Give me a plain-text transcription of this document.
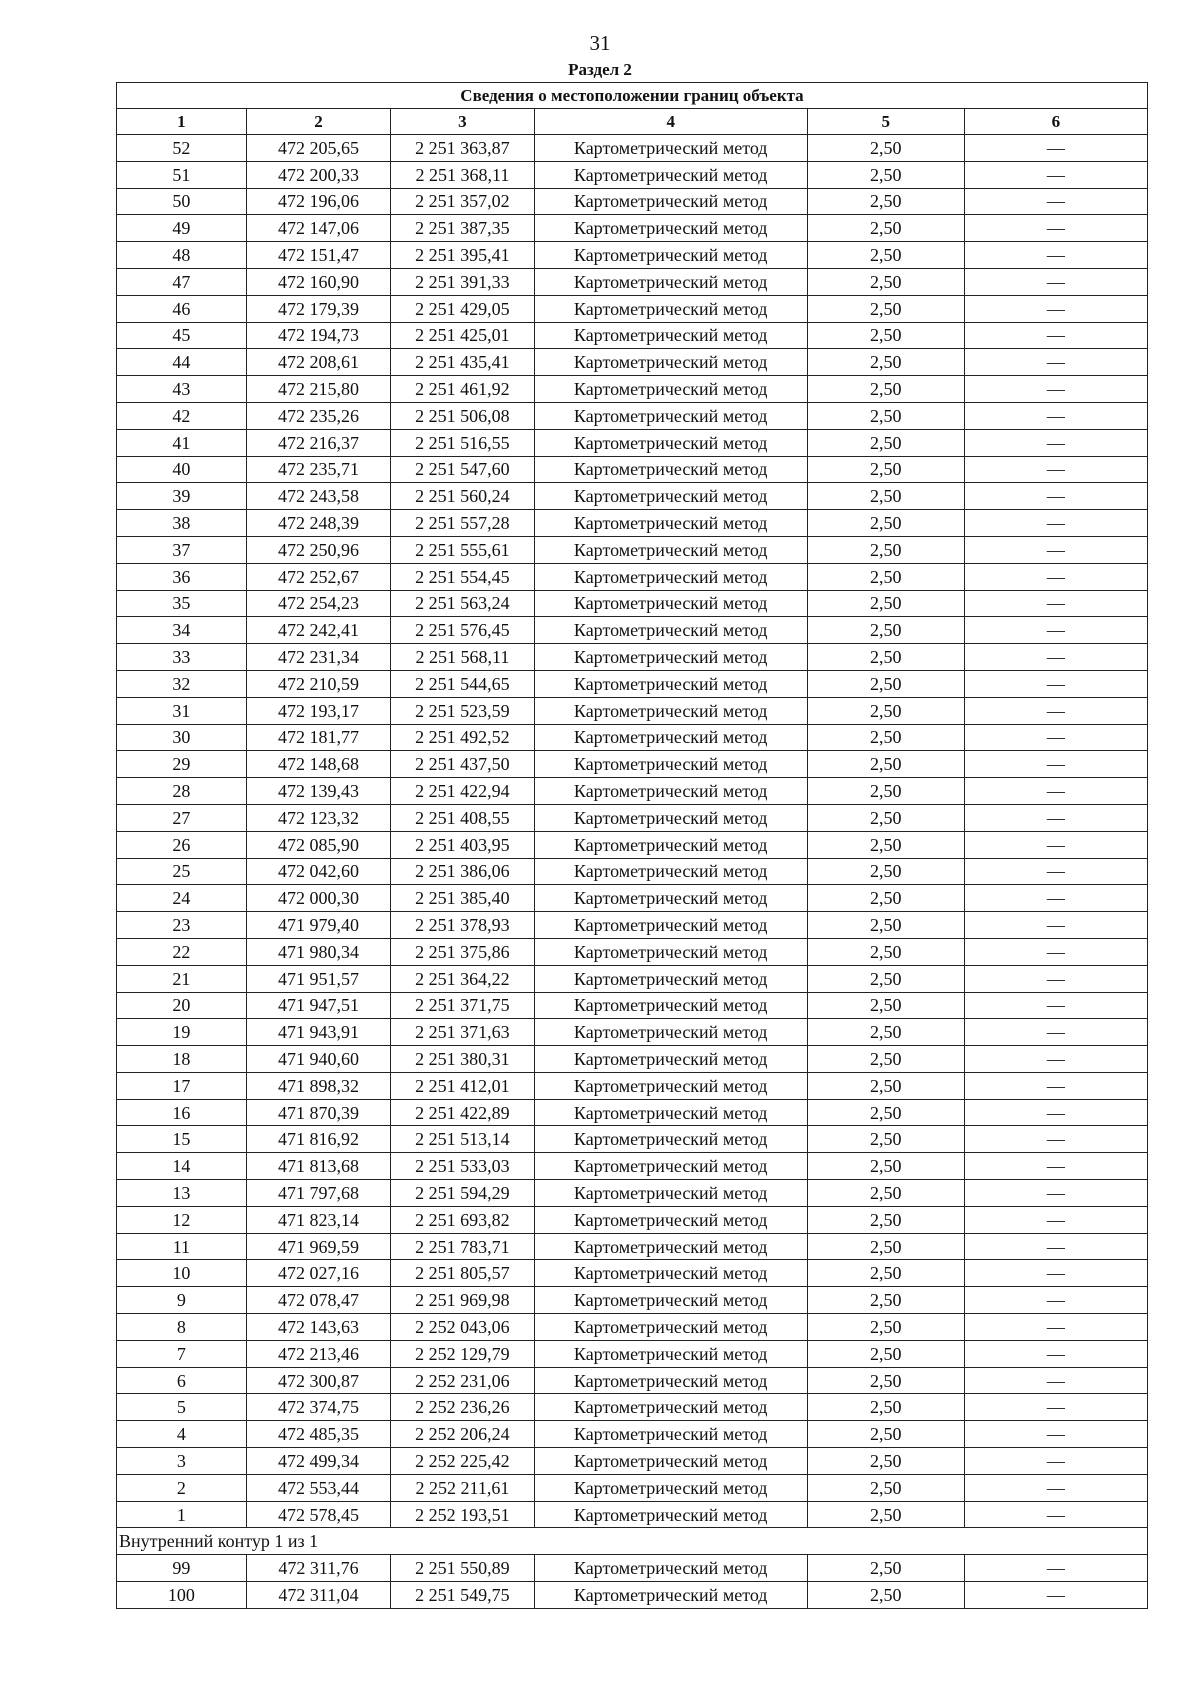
31
Раздел 2
Сведения о местоположении границ объекта					
1	2	3	4	5	6
52	472 205,65	2 251 363,87	Картометрический метод	2,50	—
51	472 200,33	2 251 368,11	Картометрический метод	2,50	—
50	472 196,06	2 251 357,02	Картометрический метод	2,50	—
49	472 147,06	2 251 387,35	Картометрический метод	2,50	—
48	472 151,47	2 251 395,41	Картометрический метод	2,50	—
47	472 160,90	2 251 391,33	Картометрический метод	2,50	—
46	472 179,39	2 251 429,05	Картометрический метод	2,50	—
45	472 194,73	2 251 425,01	Картометрический метод	2,50	—
44	472 208,61	2 251 435,41	Картометрический метод	2,50	—
43	472 215,80	2 251 461,92	Картометрический метод	2,50	—
42	472 235,26	2 251 506,08	Картометрический метод	2,50	—
41	472 216,37	2 251 516,55	Картометрический метод	2,50	—
40	472 235,71	2 251 547,60	Картометрический метод	2,50	—
39	472 243,58	2 251 560,24	Картометрический метод	2,50	—
38	472 248,39	2 251 557,28	Картометрический метод	2,50	—
37	472 250,96	2 251 555,61	Картометрический метод	2,50	—
36	472 252,67	2 251 554,45	Картометрический метод	2,50	—
35	472 254,23	2 251 563,24	Картометрический метод	2,50	—
34	472 242,41	2 251 576,45	Картометрический метод	2,50	—
33	472 231,34	2 251 568,11	Картометрический метод	2,50	—
32	472 210,59	2 251 544,65	Картометрический метод	2,50	—
31	472 193,17	2 251 523,59	Картометрический метод	2,50	—
30	472 181,77	2 251 492,52	Картометрический метод	2,50	—
29	472 148,68	2 251 437,50	Картометрический метод	2,50	—
28	472 139,43	2 251 422,94	Картометрический метод	2,50	—
27	472 123,32	2 251 408,55	Картометрический метод	2,50	—
26	472 085,90	2 251 403,95	Картометрический метод	2,50	—
25	472 042,60	2 251 386,06	Картометрический метод	2,50	—
24	472 000,30	2 251 385,40	Картометрический метод	2,50	—
23	471 979,40	2 251 378,93	Картометрический метод	2,50	—
22	471 980,34	2 251 375,86	Картометрический метод	2,50	—
21	471 951,57	2 251 364,22	Картометрический метод	2,50	—
20	471 947,51	2 251 371,75	Картометрический метод	2,50	—
19	471 943,91	2 251 371,63	Картометрический метод	2,50	—
18	471 940,60	2 251 380,31	Картометрический метод	2,50	—
17	471 898,32	2 251 412,01	Картометрический метод	2,50	—
16	471 870,39	2 251 422,89	Картометрический метод	2,50	—
15	471 816,92	2 251 513,14	Картометрический метод	2,50	—
14	471 813,68	2 251 533,03	Картометрический метод	2,50	—
13	471 797,68	2 251 594,29	Картометрический метод	2,50	—
12	471 823,14	2 251 693,82	Картометрический метод	2,50	—
11	471 969,59	2 251 783,71	Картометрический метод	2,50	—
10	472 027,16	2 251 805,57	Картометрический метод	2,50	—
9	472 078,47	2 251 969,98	Картометрический метод	2,50	—
8	472 143,63	2 252 043,06	Картометрический метод	2,50	—
7	472 213,46	2 252 129,79	Картометрический метод	2,50	—
6	472 300,87	2 252 231,06	Картометрический метод	2,50	—
5	472 374,75	2 252 236,26	Картометрический метод	2,50	—
4	472 485,35	2 252 206,24	Картометрический метод	2,50	—
3	472 499,34	2 252 225,42	Картометрический метод	2,50	—
2	472 553,44	2 252 211,61	Картометрический метод	2,50	—
1	472 578,45	2 252 193,51	Картометрический метод	2,50	—
Внутренний контур 1 из 1					
99	472 311,76	2 251 550,89	Картометрический метод	2,50	—
100	472 311,04	2 251 549,75	Картометрический метод	2,50	—
